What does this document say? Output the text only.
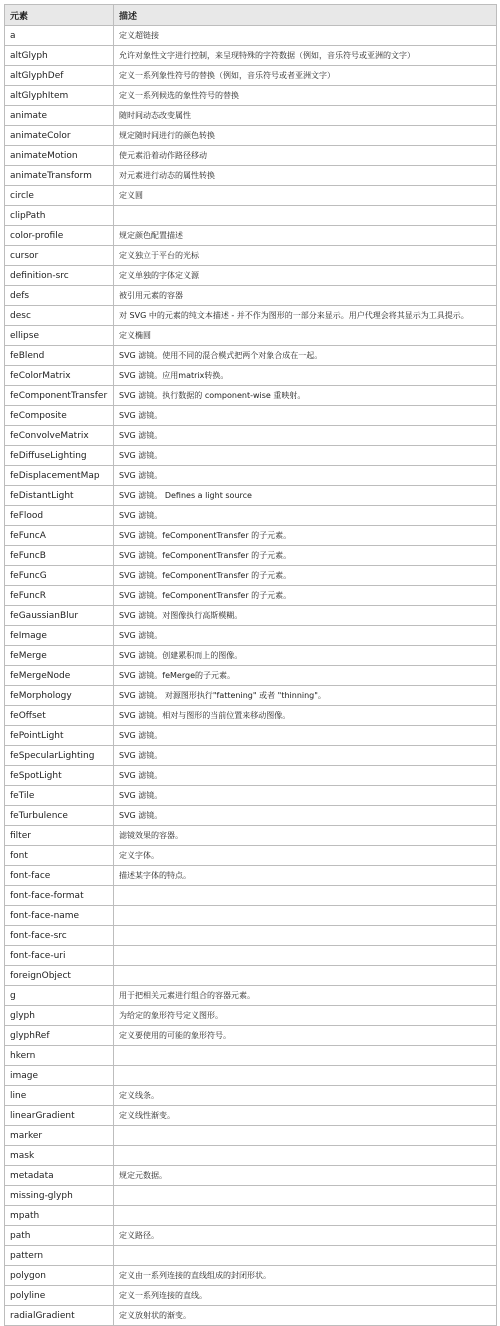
元素	描述
a	定义超链接
altGlyph	允许对象性文字进行控制，来呈现特殊的字符数据（例如，音乐符号或亚洲的文字）
altGlyphDef	定义一系列象性符号的替换（例如，音乐符号或者亚洲文字）
altGlyphItem	定义一系列候选的象性符号的替换
animate	随时间动态改变属性
animateColor	规定随时间进行的颜色转换
animateMotion	使元素沿着动作路径移动
animateTransform	对元素进行动态的属性转换
circle	定义圆
clipPath	
color-profile	规定颜色配置描述
cursor	定义独立于平台的光标
definition-src	定义单独的字体定义源
defs	被引用元素的容器
desc	对 SVG 中的元素的纯文本描述 - 并不作为图形的一部分来显示。用户代理会将其显示为工具提示。
ellipse	定义椭圆
feBlend	SVG 滤镜。使用不同的混合模式把两个对象合成在一起。
feColorMatrix	SVG 滤镜。应用matrix转换。
feComponentTransfer	SVG 滤镜。执行数据的 component-wise 重映射。
feComposite	SVG 滤镜。
feConvolveMatrix	SVG 滤镜。
feDiffuseLighting	SVG 滤镜。
feDisplacementMap	SVG 滤镜。
feDistantLight	SVG 滤镜。 Defines a light source
feFlood	SVG 滤镜。
feFuncA	SVG 滤镜。feComponentTransfer 的子元素。
feFuncB	SVG 滤镜。feComponentTransfer 的子元素。
feFuncG	SVG 滤镜。feComponentTransfer 的子元素。
feFuncR	SVG 滤镜。feComponentTransfer 的子元素。
feGaussianBlur	SVG 滤镜。对图像执行高斯模糊。
feImage	SVG 滤镜。
feMerge	SVG 滤镜。创建累积而上的图像。
feMergeNode	SVG 滤镜。feMerge的子元素。
feMorphology	SVG 滤镜。 对源图形执行"fattening" 或者 "thinning"。
feOffset	SVG 滤镜。相对与图形的当前位置来移动图像。
fePointLight	SVG 滤镜。
feSpecularLighting	SVG 滤镜。
feSpotLight	SVG 滤镜。
feTile	SVG 滤镜。
feTurbulence	SVG 滤镜。
filter	滤镜效果的容器。
font	定义字体。
font-face	描述某字体的特点。
font-face-format	
font-face-name	
font-face-src	
font-face-uri	
foreignObject	
g	用于把相关元素进行组合的容器元素。
glyph	为给定的象形符号定义图形。
glyphRef	定义要使用的可能的象形符号。
hkern	
image	
line	定义线条。
linearGradient	定义线性渐变。
marker	
mask	
metadata	规定元数据。
missing-glyph	
mpath	
path	定义路径。
pattern	
polygon	定义由一系列连接的直线组成的封闭形状。
polyline	定义一系列连接的直线。
radialGradient	定义放射状的渐变。
